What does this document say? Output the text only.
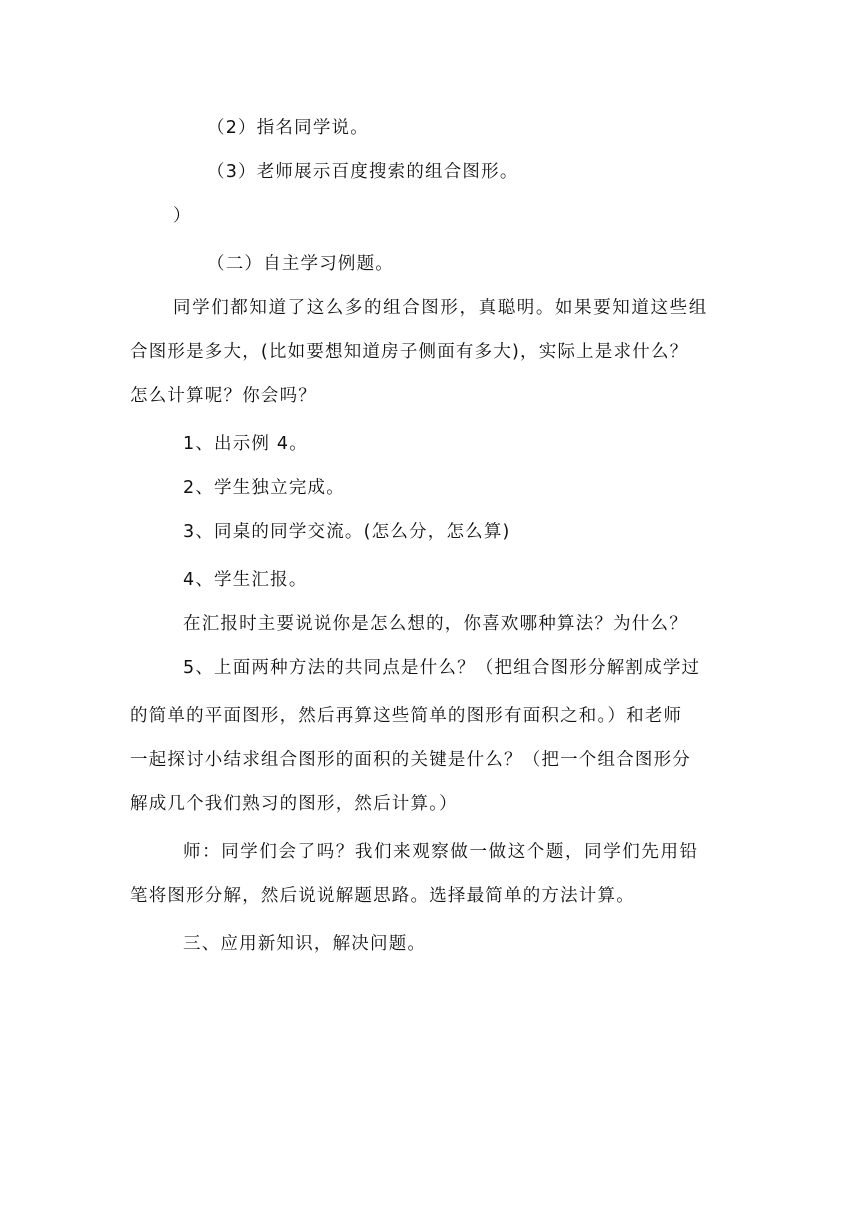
（2）指名同学说。
（3）老师展示百度搜索的组合图形。
）
（二）自主学习例题。
同学们都知道了这么多的组合图形，真聪明。如果要知道这些组
合图形是多大，(比如要想知道房子侧面有多大)，实际上是求什么？
怎么计算呢？你会吗？
1、出示例 4。
2、学生独立完成。
3、同桌的同学交流。(怎么分，怎么算)
4、学生汇报。
在汇报时主要说说你是怎么想的，你喜欢哪种算法？为什么？
5、上面两种方法的共同点是什么？（把组合图形分解割成学过
的简单的平面图形，然后再算这些简单的图形有面积之和。）和老师
一起探讨小结求组合图形的面积的关键是什么？（把一个组合图形分
解成几个我们熟习的图形，然后计算。）
师：同学们会了吗？我们来观察做一做这个题，同学们先用铅
笔将图形分解，然后说说解题思路。选择最简单的方法计算。
三、应用新知识，解决问题。
